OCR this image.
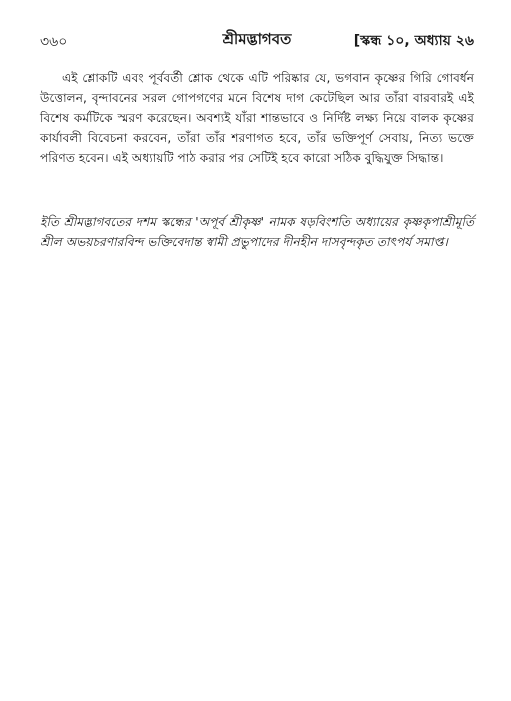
৩৬০	শ্রীমদ্ভাগবত	[স্কন্ধ ১০, অধ্যায় ২৬

এই শ্লোকটি এবং পূর্ববর্তী শ্লোক থেকে এটি পরিষ্কার যে, ভগবান কৃষ্ণের গিরি গোবর্ধন উত্তোলন, বৃন্দাবনের সরল গোপগণের মনে বিশেষ দাগ কেটেছিল আর তাঁরা বারবারই এই বিশেষ কর্মটিকে স্মরণ করেছেন। অবশ্যই যাঁরা শান্তভাবে ও নির্দিষ্ট লক্ষ্য নিয়ে বালক কৃষ্ণের কার্যাবলী বিবেচনা করবেন, তাঁরা তাঁর শরণাগত হবে, তাঁর ভক্তিপূর্ণ সেবায়, নিত্য ভক্তে পরিণত হবেন। এই অধ্যায়টি পাঠ করার পর সেটিই হবে কারো সঠিক বুদ্ধিযুক্ত সিদ্ধান্ত।

ইতি শ্রীমদ্ভাগবতের দশম স্কন্ধের 'অপূর্ব শ্রীকৃষ্ণ' নামক ষড়বিংশতি অধ্যায়ের কৃষ্ণকৃপাশ্রীমূর্তি শ্রীল অভয়চরণারবিন্দ ভক্তিবেদান্ত স্বামী প্রভুপাদের দীনহীন দাসবৃন্দকৃত তাৎপর্য সমাপ্ত।
